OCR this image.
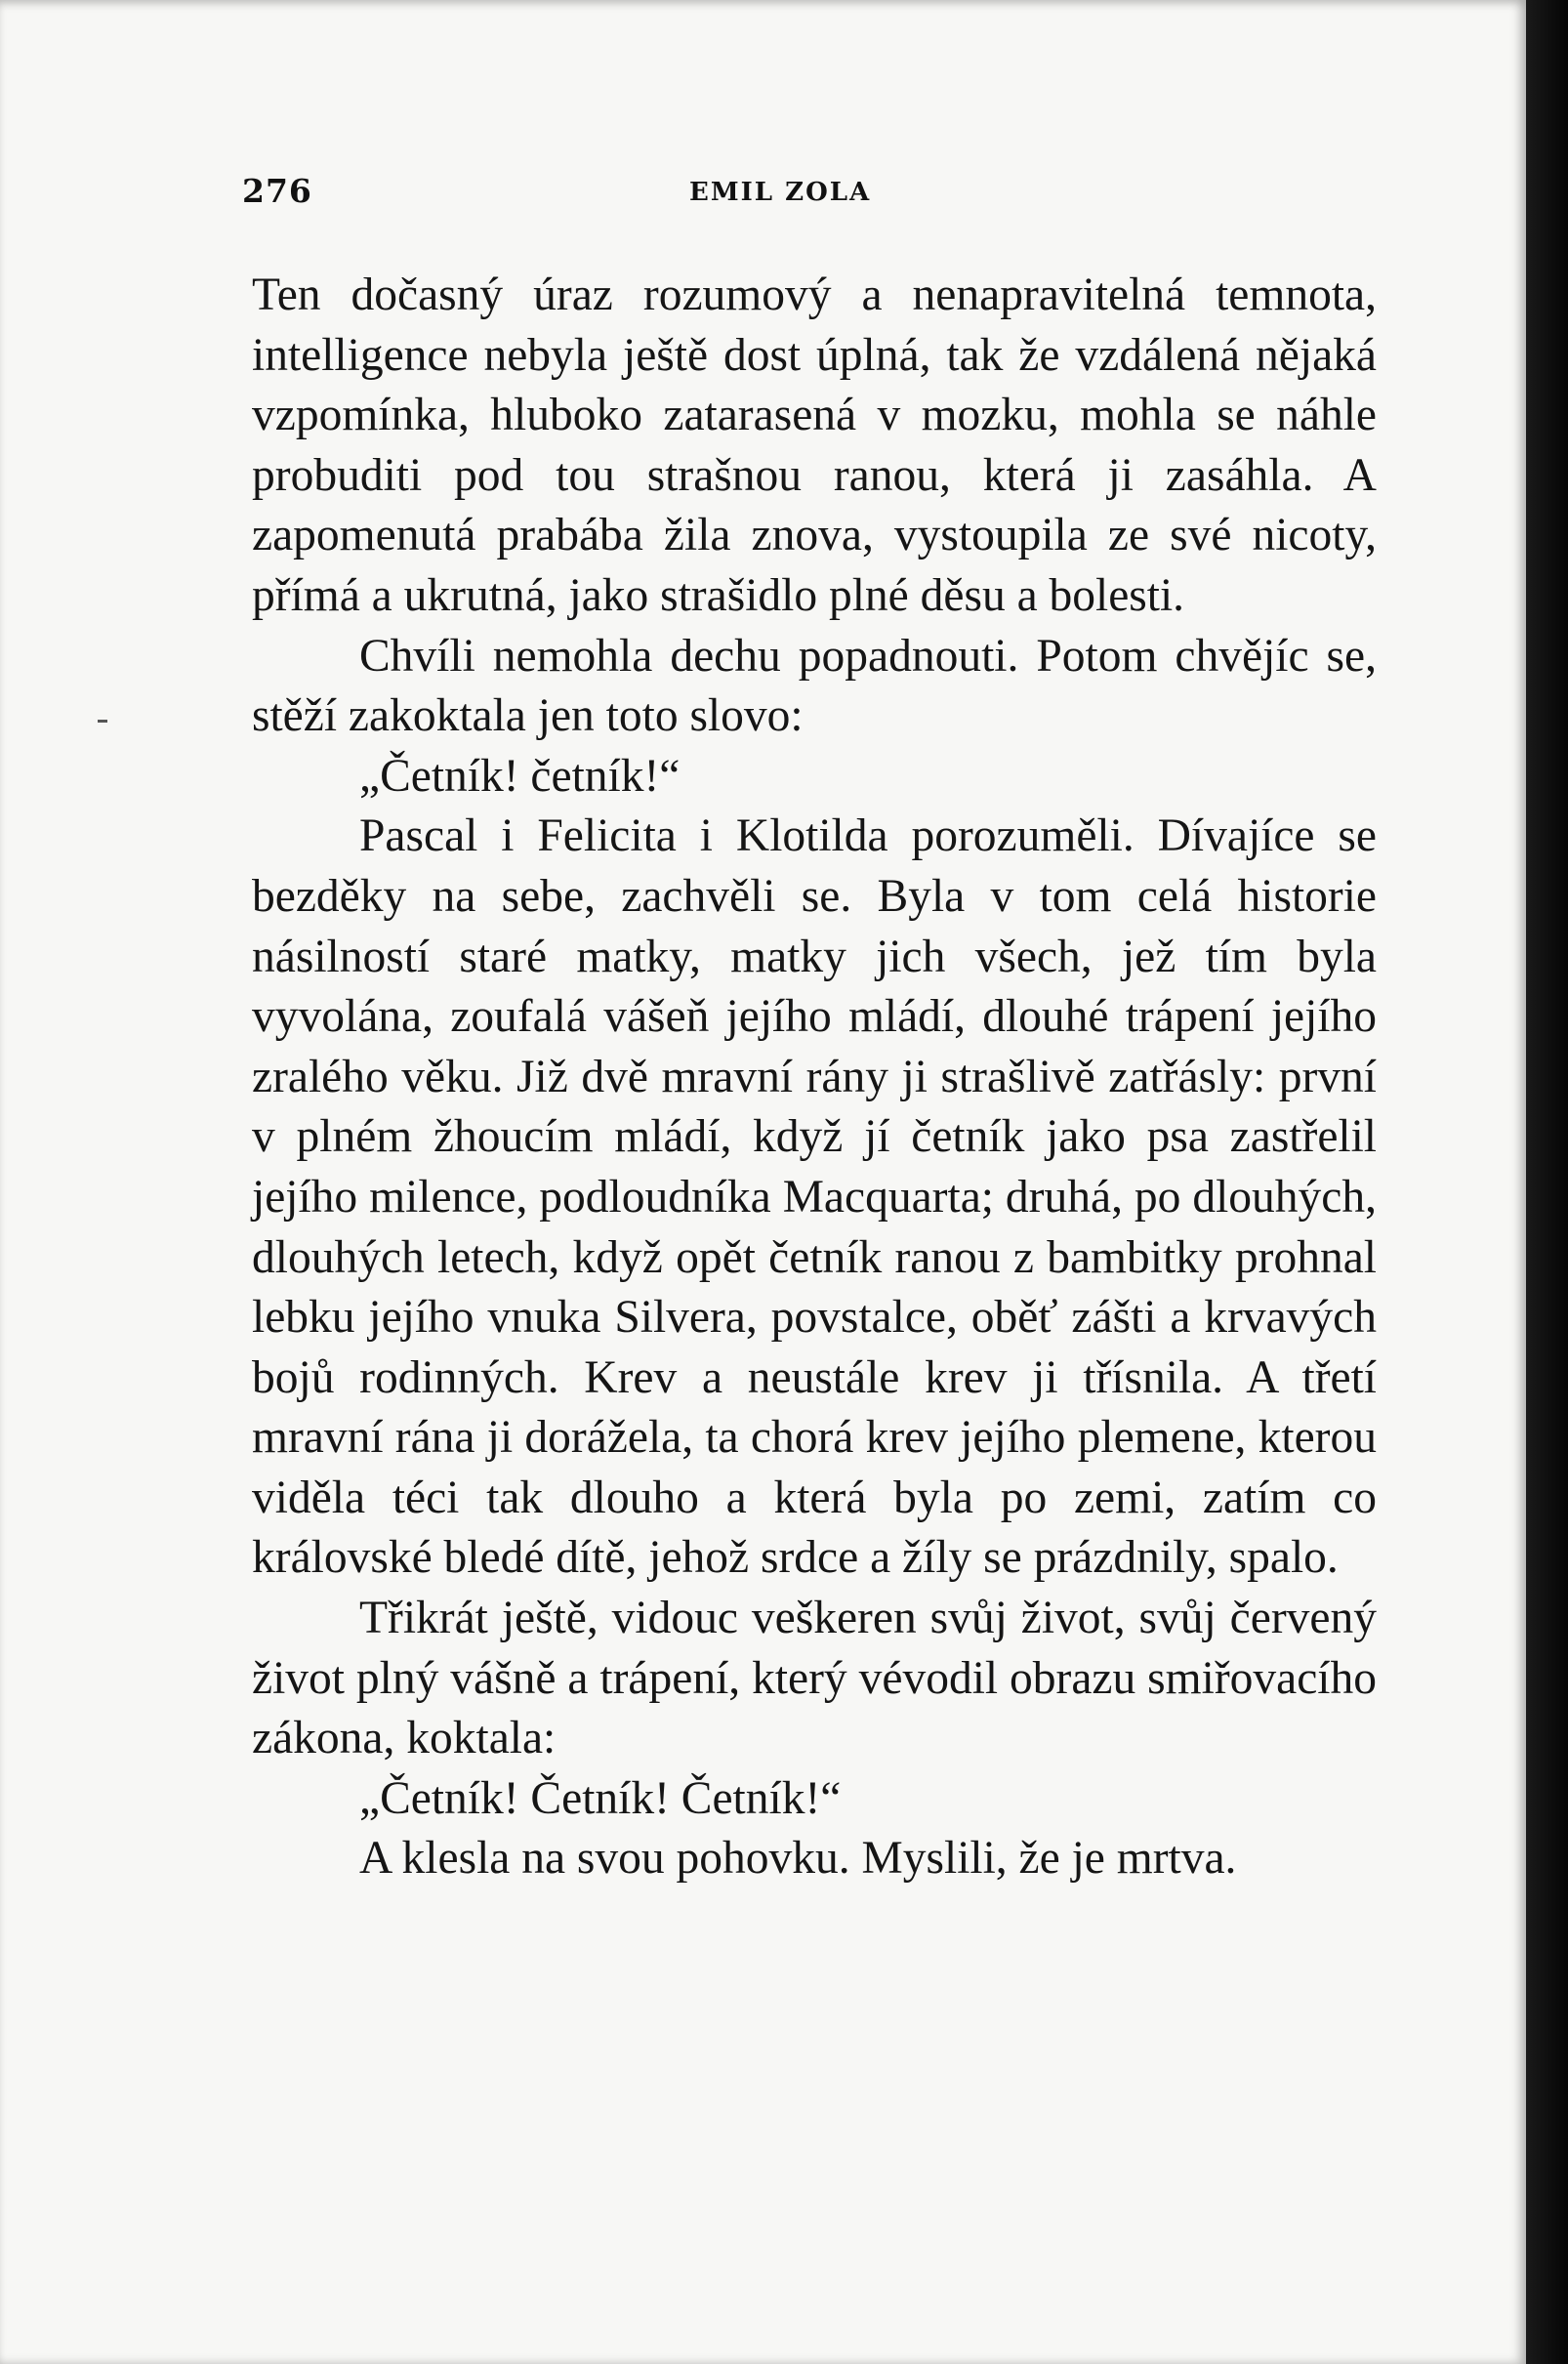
276	EMIL ZOLA

Ten dočasný úraz rozumový a nenapravitelná temnota, intelligence nebyla ještě dost úplná, tak že vzdálená nějaká vzpomínka, hluboko zatarasená v mozku, mohla se náhle probuditi pod tou strašnou ranou, která ji zasáhla. A zapomenutá prabába žila znova, vystoupila ze své nicoty, přímá a ukrutná, jako strašidlo plné děsu a bolesti.

Chvíli nemohla dechu popadnouti. Potom chvějíc se, stěží zakoktala jen toto slovo:

„Četník! četník!“

Pascal i Felicita i Klotilda porozuměli. Dívajíce se bezděky na sebe, zachvěli se. Byla v tom celá historie násilností staré matky, matky jich všech, jež tím byla vyvolána, zoufalá vášeň jejího mládí, dlouhé trápení jejího zralého věku. Již dvě mravní rány ji strašlivě zatřásly: první v plném žhoucím mládí, když jí četník jako psa zastřelil jejího milence, podloudníka Macquarta; druhá, po dlouhých, dlouhých letech, když opět četník ranou z bambitky prohnal lebku jejího vnuka Silvera, povstalce, oběť zášti a krvavých bojů rodinných. Krev a neustále krev ji třísnila. A třetí mravní rána ji dorážela, ta chorá krev jejího plemene, kterou viděla téci tak dlouho a která byla po zemi, zatím co královské bledé dítě, jehož srdce a žíly se prázdnily, spalo.

Třikrát ještě, vidouc veškeren svůj život, svůj červený život plný vášně a trápení, který vévodil obrazu smiřovacího zákona, koktala:

„Četník! Četník! Četník!“

A klesla na svou pohovku. Myslili, že je mrtva.
